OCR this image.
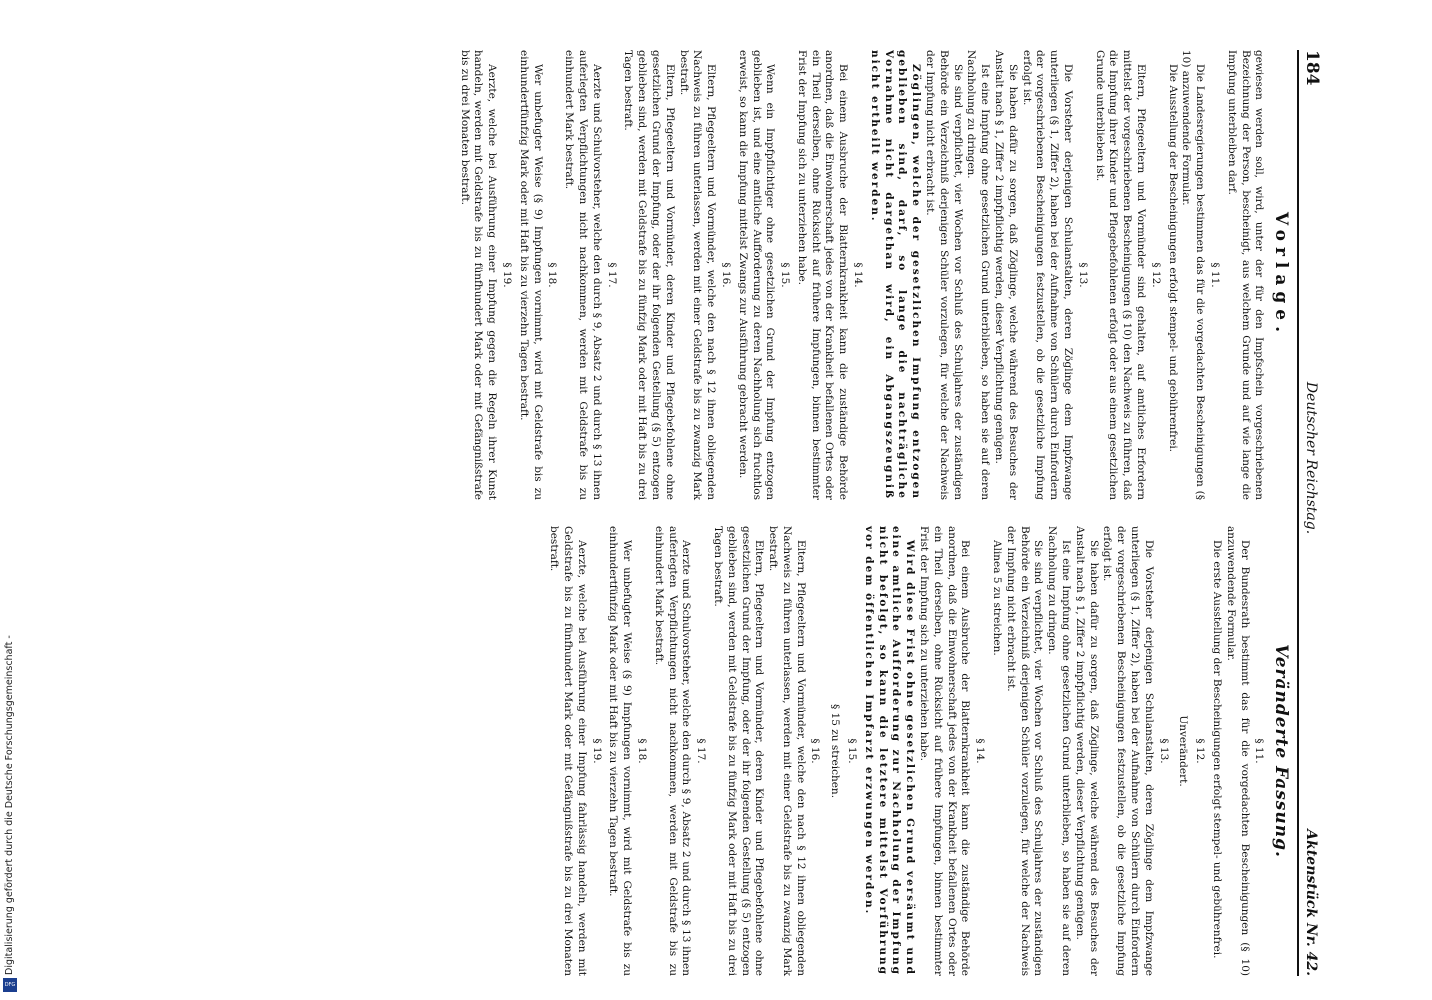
184
Deutscher Reichstag.
Aktenstück Nr. 42.
Vorlage.

gewiesen werden soll, wird, unter der für den Impfschein vorgeschriebenen Bezeichnung der Person, bescheinigt, aus welchem Grunde und auf wie lange die Impfung unterbleiben darf.

§ 11.

Die Landesregierungen bestimmen das für die vorgedachten Bescheinigungen (§ 10) anzuwendende Formular.

Die Ausstellung der Bescheinigungen erfolgt stempel- und gebührenfrei.

§ 12.

Eltern, Pflegeeltern und Vormünder sind gehalten, auf amtliches Erfordern mittelst der vorgeschriebenen Bescheinigungen (§ 10) den Nachweis zu führen, daß die Impfung ihrer Kinder und Pflegebefohlenen erfolgt oder aus einem gesetzlichen Grunde unterblieben ist.

§ 13.

Die Vorsteher derjenigen Schulanstalten, deren Zöglinge dem Impfzwange unterliegen (§ 1, Ziffer 2), haben bei der Aufnahme von Schülern durch Einfordern der vorgeschriebenen Bescheinigungen festzustellen, ob die gesetzliche Impfung erfolgt ist.

Sie haben dafür zu sorgen, daß Zöglinge, welche während des Besuches der Anstalt nach § 1, Ziffer 2 impfpflichtig werden, dieser Verpflichtung genügen.

Ist eine Impfung ohne gesetzlichen Grund unterblieben, so haben sie auf deren Nachholung zu dringen.

Sie sind verpflichtet, vier Wochen vor Schluß des Schuljahres der zuständigen Behörde ein Verzeichniß derjenigen Schüler vorzulegen, für welche der Nachweis der Impfung nicht erbracht ist.

Zöglingen, welche der gesetzlichen Impfung entzogen geblieben sind, darf, so lange die nachträgliche Vornahme nicht dargethan wird, ein Abgangszeugniß nicht ertheilt werden.

§ 14.

Bei einem Ausbruche der Blatternkrankheit kann die zuständige Behörde anordnen, daß die Einwohnerschaft jedes von der Krankheit befallenen Ortes oder ein Theil derselben, ohne Rücksicht auf frühere Impfungen, binnen bestimmter Frist der Impfung sich zu unterziehen habe.

§ 15.

Wenn ein Impfpflichtiger ohne gesetzlichen Grund der Impfung entzogen geblieben ist, und eine amtliche Aufforderung zu deren Nachholung sich fruchtlos erweist, so kann die Impfung mittelst Zwangs zur Ausführung gebracht werden.

§ 16.

Eltern, Pflegeeltern und Vormünder, welche den nach § 12 ihnen obliegenden Nachweis zu führen unterlassen, werden mit einer Geldstrafe bis zu zwanzig Mark bestraft.

Eltern, Pflegeeltern und Vormünder, deren Kinder und Pflegebefohlene ohne gesetzlichen Grund der Impfung, oder der ihr folgenden Gestellung (§ 5) entzogen geblieben sind, werden mit Geldstrafe bis zu fünfzig Mark oder mit Haft bis zu drei Tagen bestraft.

§ 17.

Aerzte und Schulvorsteher, welche den durch § 9, Absatz 2 und durch § 13 ihnen auferlegten Verpflichtungen nicht nachkommen, werden mit Geldstrafe bis zu einhundert Mark bestraft.

§ 18.

Wer unbefugter Weise (§ 9) Impfungen vornimmt, wird mit Geldstrafe bis zu einhundertfünfzig Mark oder mit Haft bis zu vierzehn Tagen bestraft.

§ 19.

Aerzte, welche bei Ausführung einer Impfung gegen die Regeln ihrer Kunst handeln, werden mit Geldstrafe bis zu fünfhundert Mark oder mit Gefängnißstrafe bis zu drei Monaten bestraft.

Veränderte Fassung.
§ 11.

Der Bundesrath bestimmt das für die vorgedachten Bescheinigungen (§ 10) anzuwendende Formular.

Die erste Ausstellung der Bescheinigungen erfolgt stempel- und gebührenfrei.

§ 12.

Unverändert.

§ 13.

Die Vorsteher derjenigen Schulanstalten, deren Zöglinge dem Impfzwange unterliegen (§ 1, Ziffer 2), haben bei der Aufnahme von Schülern durch Einfordern der vorgeschriebenen Bescheinigungen festzustellen, ob die gesetzliche Impfung erfolgt ist.

Sie haben dafür zu sorgen, daß Zöglinge, welche während des Besuches der Anstalt nach § 1, Ziffer 2 impfpflichtig werden, dieser Verpflichtung genügen.

Ist eine Impfung ohne gesetzlichen Grund unterblieben, so haben sie auf deren Nachholung zu dringen.

Sie sind verpflichtet, vier Wochen vor Schluß des Schuljahres der zuständigen Behörde ein Verzeichniß derjenigen Schüler vorzulegen, für welche der Nachweis der Impfung nicht erbracht ist.

Alinea 5 zu streichen.

§ 14.

Bei einem Ausbruche der Blatternkrankheit kann die zuständige Behörde anordnen, daß die Einwohnerschaft jedes von der Krankheit befallenen Ortes oder ein Theil derselben, ohne Rücksicht auf frühere Impfungen, binnen bestimmter Frist der Impfung sich zu unterziehen habe.

Wird diese Frist ohne gesetzlichen Grund versäumt und eine amtliche Aufforderung zur Nachholung der Impfung nicht befolgt, so kann die letztere mittelst Vorführung vor dem öffentlichen Impfarzt erzwungen werden.

§ 15.

§ 15 zu streichen.

§ 16.

Eltern, Pflegeeltern und Vormünder, welche den nach § 12 ihnen obliegenden Nachweis zu führen unterlassen, werden mit einer Geldstrafe bis zu zwanzig Mark bestraft.

Eltern, Pflegeeltern und Vormünder, deren Kinder und Pflegebefohlene ohne gesetzlichen Grund der Impfung, oder der ihr folgenden Gestellung (§ 5) entzogen geblieben sind, werden mit Geldstrafe bis zu fünfzig Mark oder mit Haft bis zu drei Tagen bestraft.

§ 17.

Aerzte und Schulvorsteher, welche den durch § 9, Absatz 2 und durch § 13 ihnen auferlegten Verpflichtungen nicht nachkommen, werden mit Geldstrafe bis zu einhundert Mark bestraft.

§ 18.

Wer unbefugter Weise (§ 9) Impfungen vornimmt, wird mit Geldstrafe bis zu einhundertfünfzig Mark oder mit Haft bis zu vierzehn Tagen bestraft.

§ 19.

Aerzte, welche bei Ausführung einer Impfung fahrlässig handeln, werden mit Geldstrafe bis zu fünfhundert Mark oder mit Gefängnißstrafe bis zu drei Monaten bestraft.

Digitalisierung gefördert durch die Deutsche Forschungsgemeinschaft -
DFG
